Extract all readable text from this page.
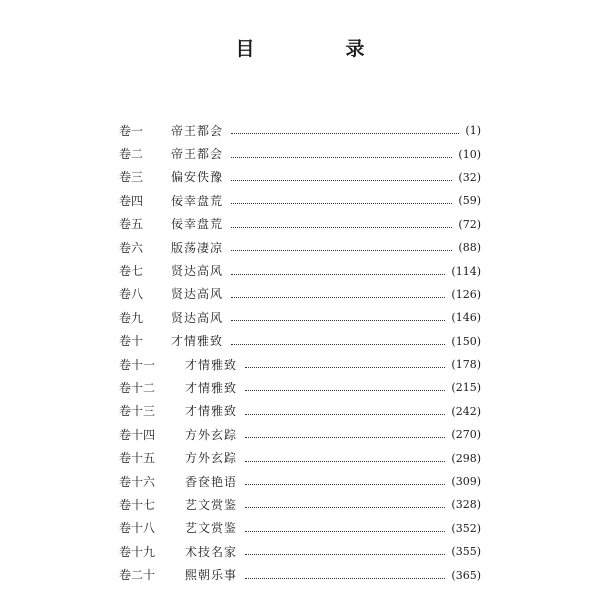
目　录
卷一	帝王都会	(1)
卷二	帝王都会	(10)
卷三	偏安佚豫	(32)
卷四	佞幸盘荒	(59)
卷五	佞幸盘荒	(72)
卷六	版荡凄凉	(88)
卷七	贤达高风	(114)
卷八	贤达高风	(126)
卷九	贤达高风	(146)
卷十	才情雅致	(150)
卷十一	才情雅致	(178)
卷十二	才情雅致	(215)
卷十三	才情雅致	(242)
卷十四	方外玄踪	(270)
卷十五	方外玄踪	(298)
卷十六	香奁艳语	(309)
卷十七	艺文赏鉴	(328)
卷十八	艺文赏鉴	(352)
卷十九	术技名家	(355)
卷二十	熙朝乐事	(365)
